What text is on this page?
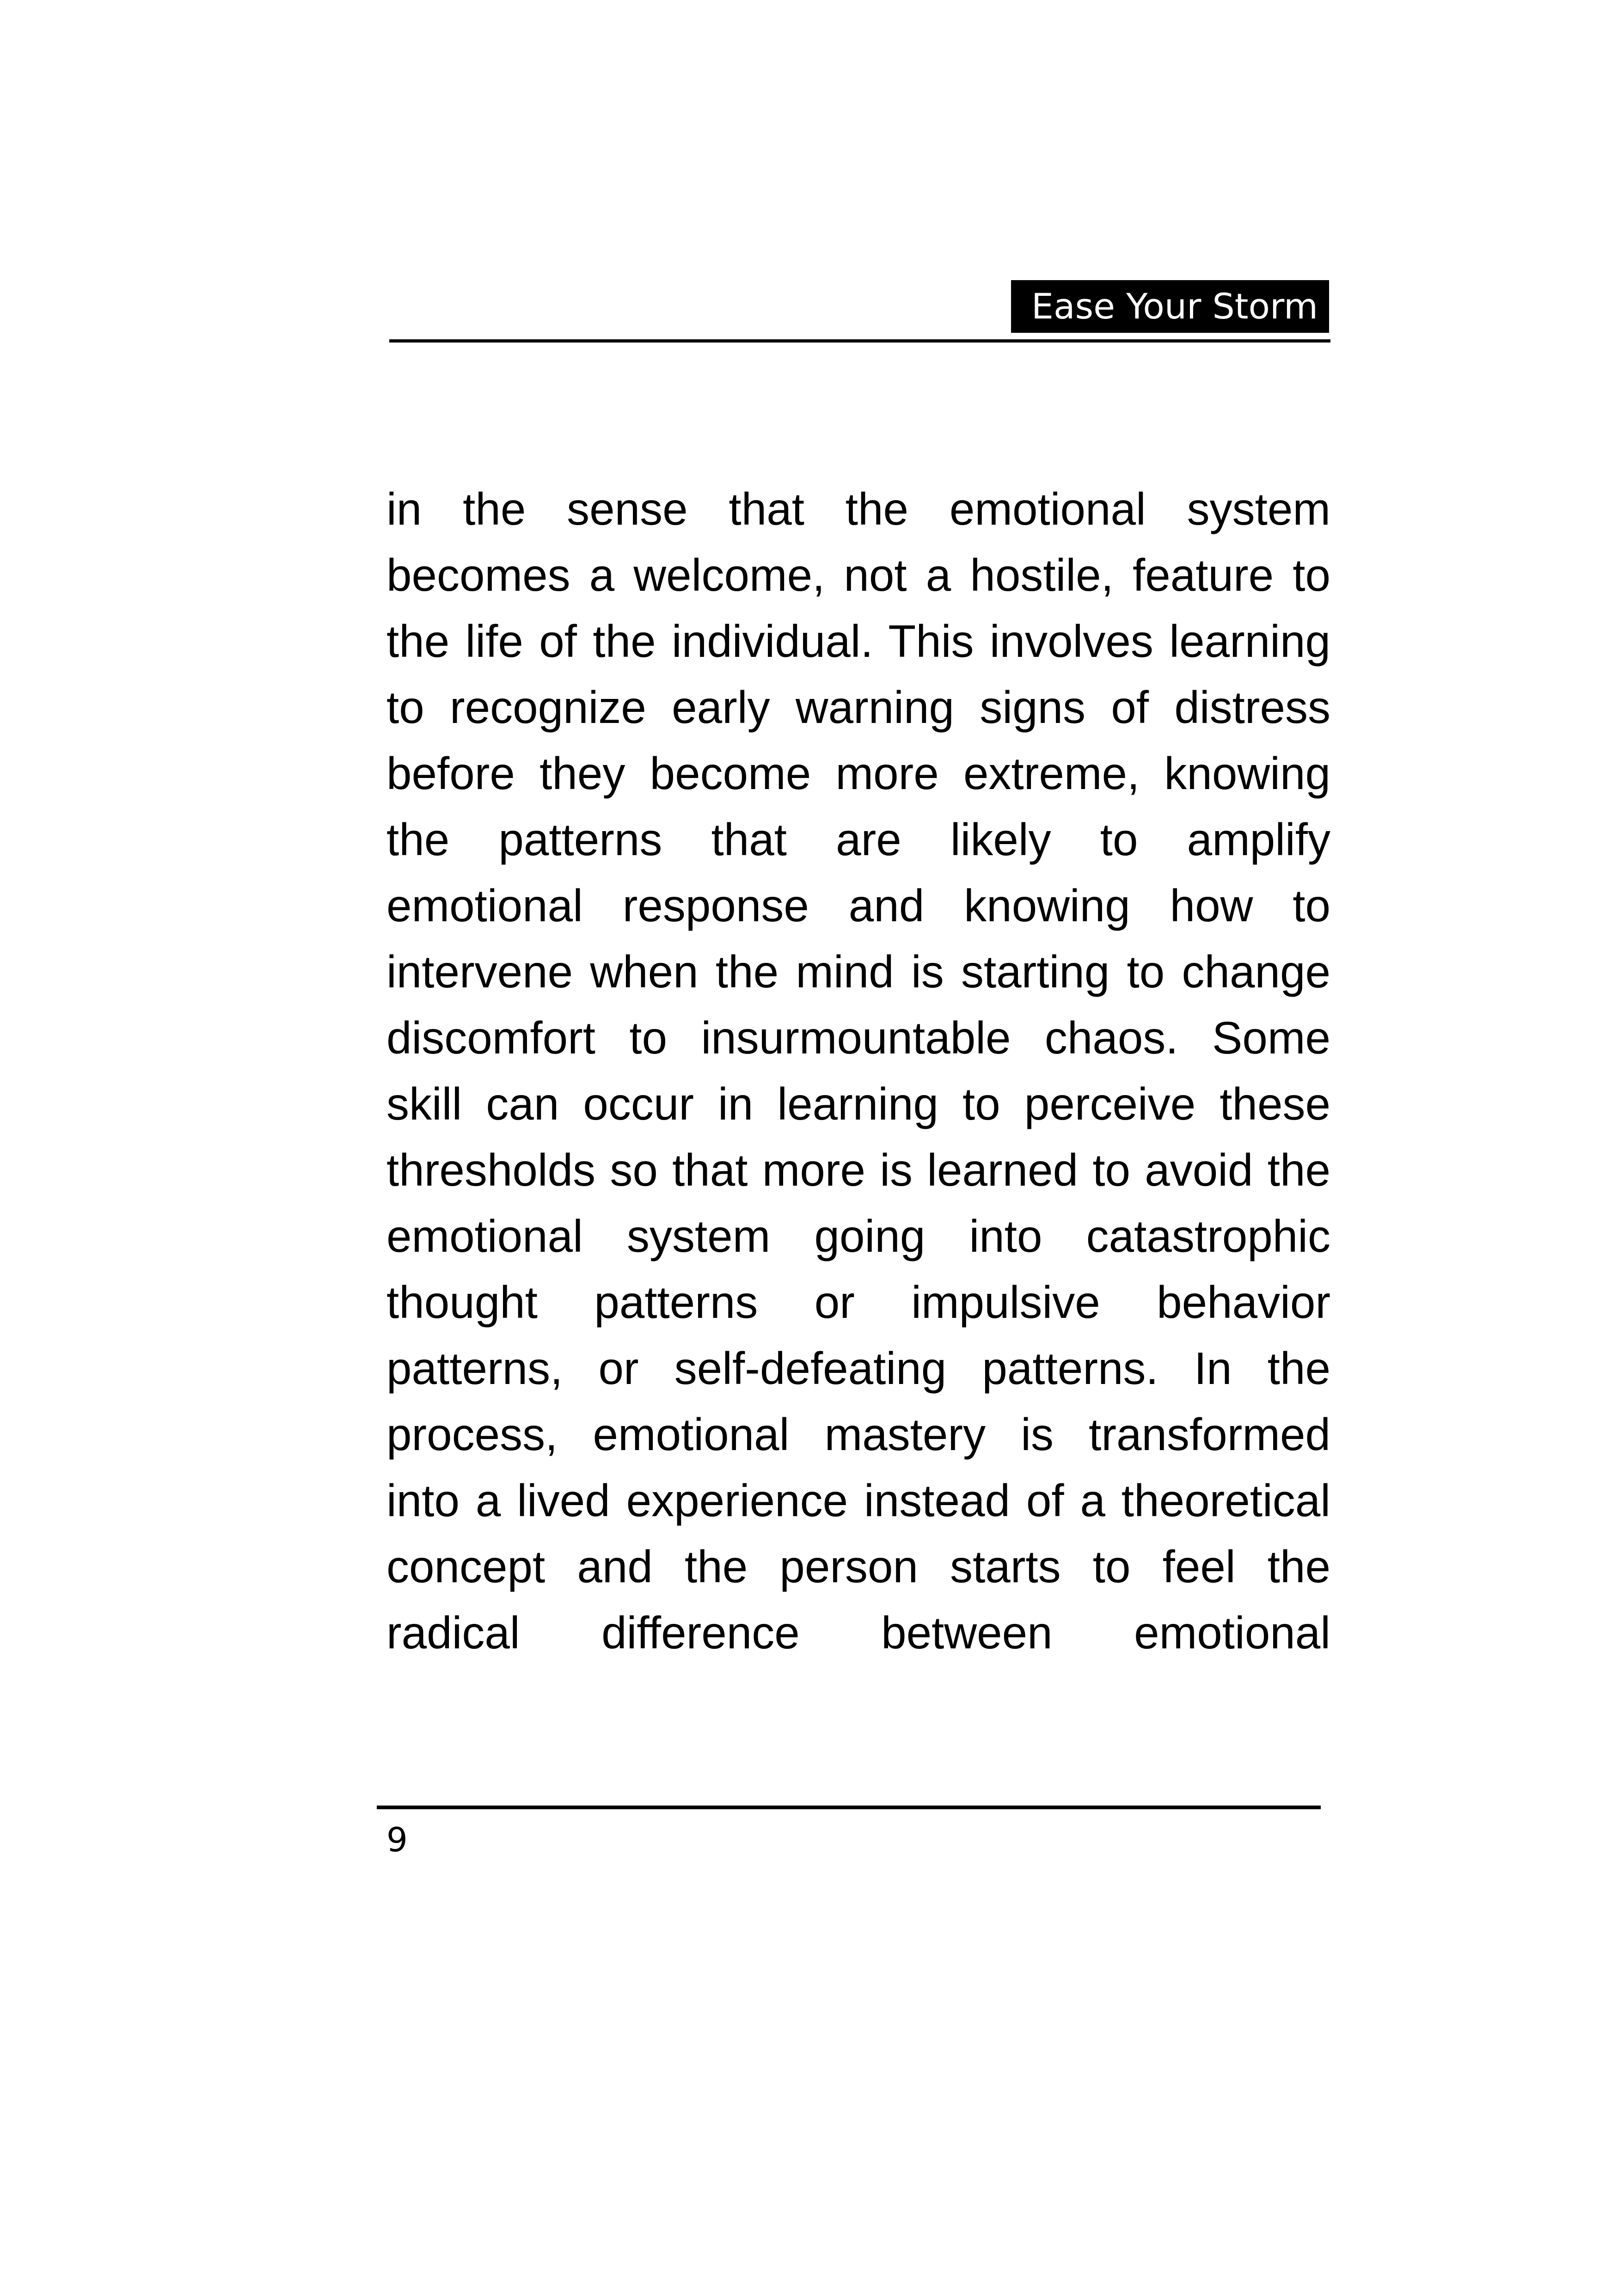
Ease Your Storm
in the sense that the emotional system
becomes a welcome, not a hostile, feature to
the life of the individual. This involves learning
to recognize early warning signs of distress
before they become more extreme, knowing
the patterns that are likely to amplify
emotional response and knowing how to
intervene when the mind is starting to change
discomfort to insurmountable chaos. Some
skill can occur in learning to perceive these
thresholds so that more is learned to avoid the
emotional system going into catastrophic
thought patterns or impulsive behavior
patterns, or self-defeating patterns. In the
process, emotional mastery is transformed
into a lived experience instead of a theoretical
concept and the person starts to feel the
radical difference between emotional
9
